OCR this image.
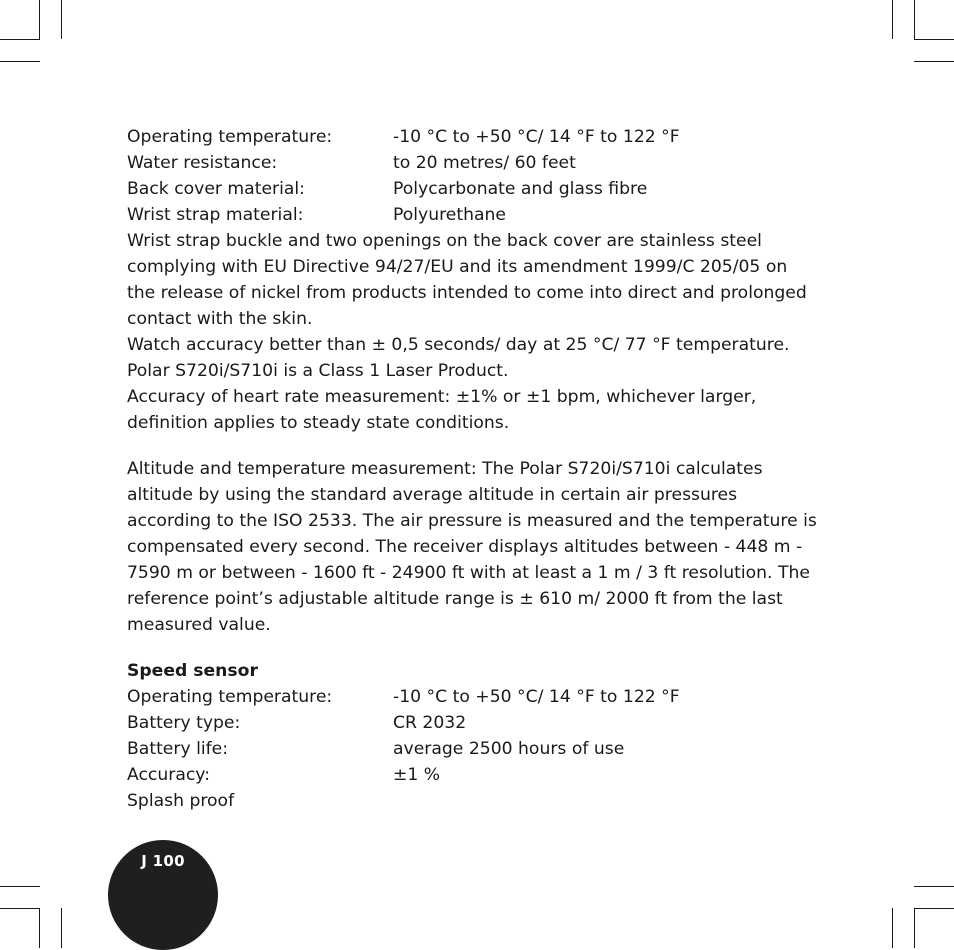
Operating temperature:	-10 °C to +50 °C/ 14 °F to 122 °F
Water resistance:	to 20 metres/ 60 feet
Back cover material:	Polycarbonate and glass fibre
Wrist strap material:	Polyurethane

Wrist strap buckle and two openings on the back cover are stainless steel complying with EU Directive 94/27/EU and its amendment 1999/C 205/05 on the release of nickel from products intended to come into direct and prolonged contact with the skin.

Watch accuracy better than ± 0,5 seconds/ day at 25 °C/ 77 °F temperature.

Polar S720i/S710i is a Class 1 Laser Product.

Accuracy of heart rate measurement: ±1% or ±1 bpm, whichever larger, definition applies to steady state conditions.

Altitude and temperature measurement: The Polar S720i/S710i calculates altitude by using the standard average altitude in certain air pressures according to the ISO 2533. The air pressure is measured and the temperature is compensated every second. The receiver displays altitudes between - 448 m - 7590 m or between - 1600 ft - 24900 ft with at least a 1 m / 3 ft resolution. The reference point’s adjustable altitude range is ± 610 m/ 2000 ft from the last measured value.

Speed sensor

Operating temperature:	-10 °C to +50 °C/ 14 °F to 122 °F
Battery type:	CR 2032
Battery life:	average 2500 hours of use
Accuracy:	±1 %

Splash proof

J 100
